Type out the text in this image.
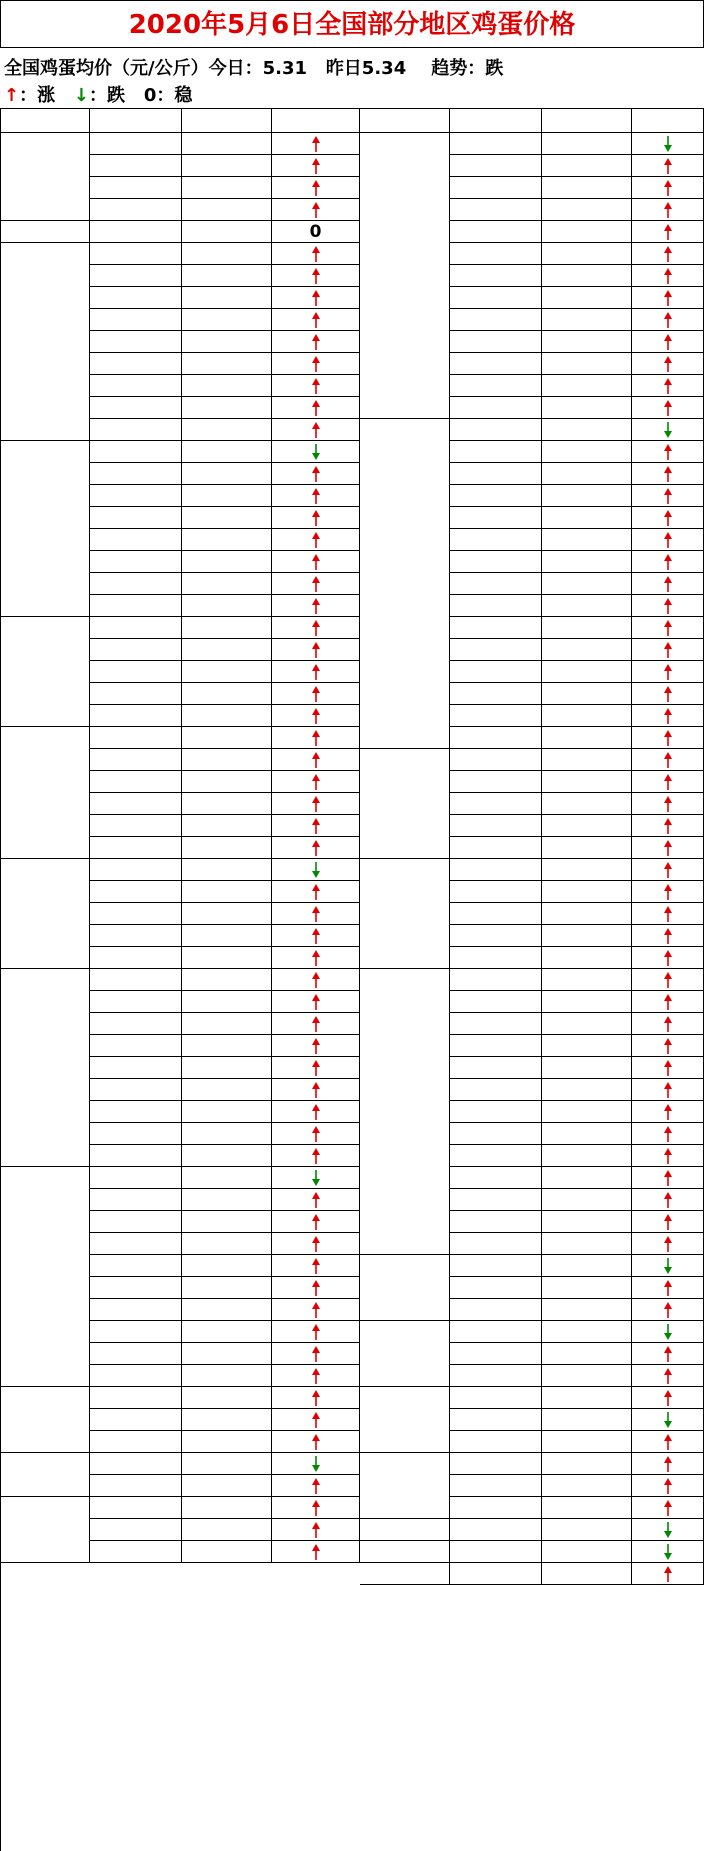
2020年5月6日全国部分地区鸡蛋价格
全国鸡蛋均价（元/公斤）今日：5.31 昨日5.34 趋势：跌
↑：涨 ↓：跌 0：稳
0
